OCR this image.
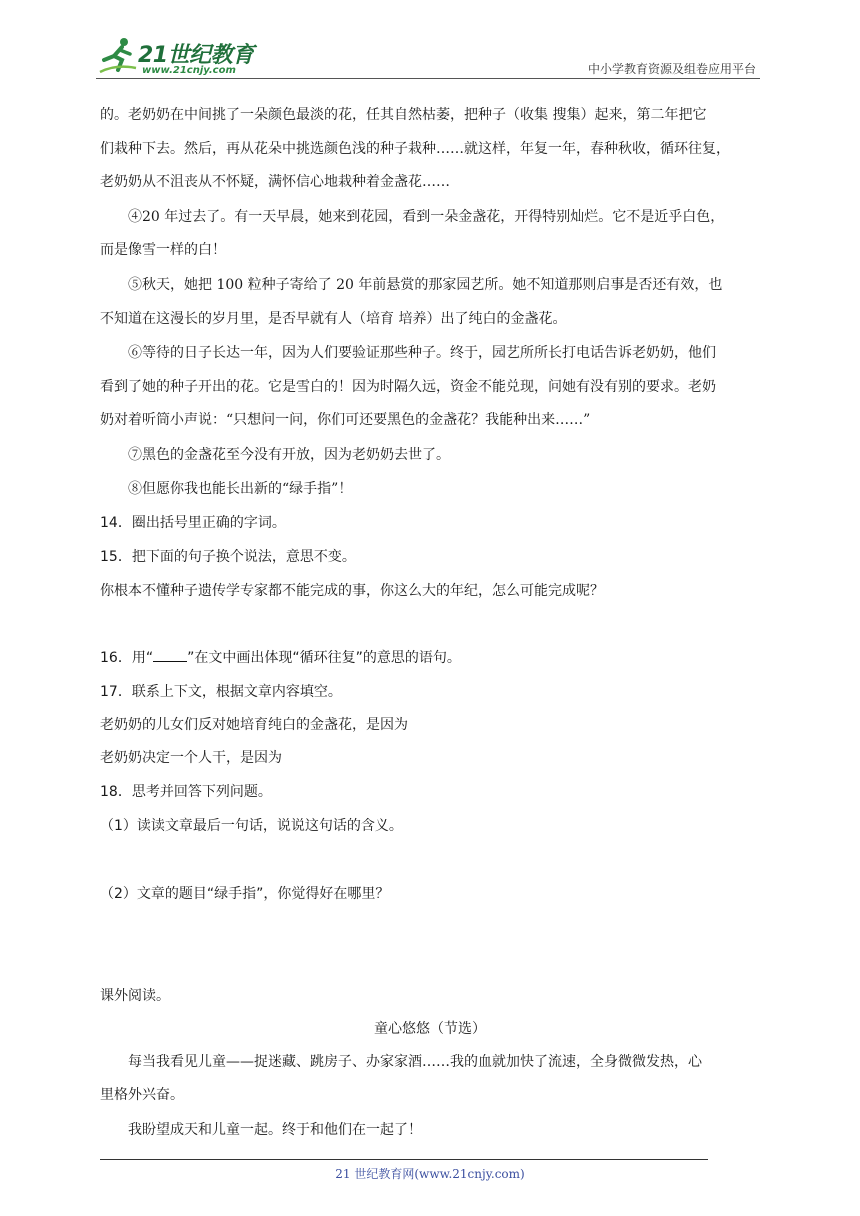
21世纪教育
www.21cnjy.com	中小学教育资源及组卷应用平台
的。老奶奶在中间挑了一朵颜色最淡的花，任其自然枯萎，把种子（收集 搜集）起来，第二年把它
们栽种下去。然后，再从花朵中挑选颜色浅的种子栽种……就这样，年复一年，春种秋收，循环往复，
老奶奶从不沮丧从不怀疑，满怀信心地栽种着金盏花……
④20 年过去了。有一天早晨，她来到花园，看到一朵金盏花，开得特别灿烂。它不是近乎白色，
而是像雪一样的白！
⑤秋天，她把 100 粒种子寄给了 20 年前悬赏的那家园艺所。她不知道那则启事是否还有效，也
不知道在这漫长的岁月里，是否早就有人（培育 培养）出了纯白的金盏花。
⑥等待的日子长达一年，因为人们要验证那些种子。终于，园艺所所长打电话告诉老奶奶，他们
看到了她的种子开出的花。它是雪白的！因为时隔久远，资金不能兑现，问她有没有别的要求。老奶
奶对着听筒小声说：“只想问一问，你们可还要黑色的金盏花？我能种出来……”
⑦黑色的金盏花至今没有开放，因为老奶奶去世了。
⑧但愿你我也能长出新的“绿手指”！
14．圈出括号里正确的字词。
15．把下面的句子换个说法，意思不变。
你根本不懂种子遗传学专家都不能完成的事，你这么大的年纪，怎么可能完成呢？
16．用“ ”在文中画出体现“循环往复”的意思的语句。
17．联系上下文，根据文章内容填空。
老奶奶的儿女们反对她培育纯白的金盏花，是因为
老奶奶决定一个人干，是因为
18．思考并回答下列问题。
（1）读读文章最后一句话，说说这句话的含义。
（2）文章的题目“绿手指”，你觉得好在哪里？
课外阅读。
童心悠悠（节选）
每当我看见儿童——捉迷藏、跳房子、办家家酒……我的血就加快了流速，全身微微发热，心
里格外兴奋。
我盼望成天和儿童一起。终于和他们在一起了！
21 世纪教育网(www.21cnjy.com)
